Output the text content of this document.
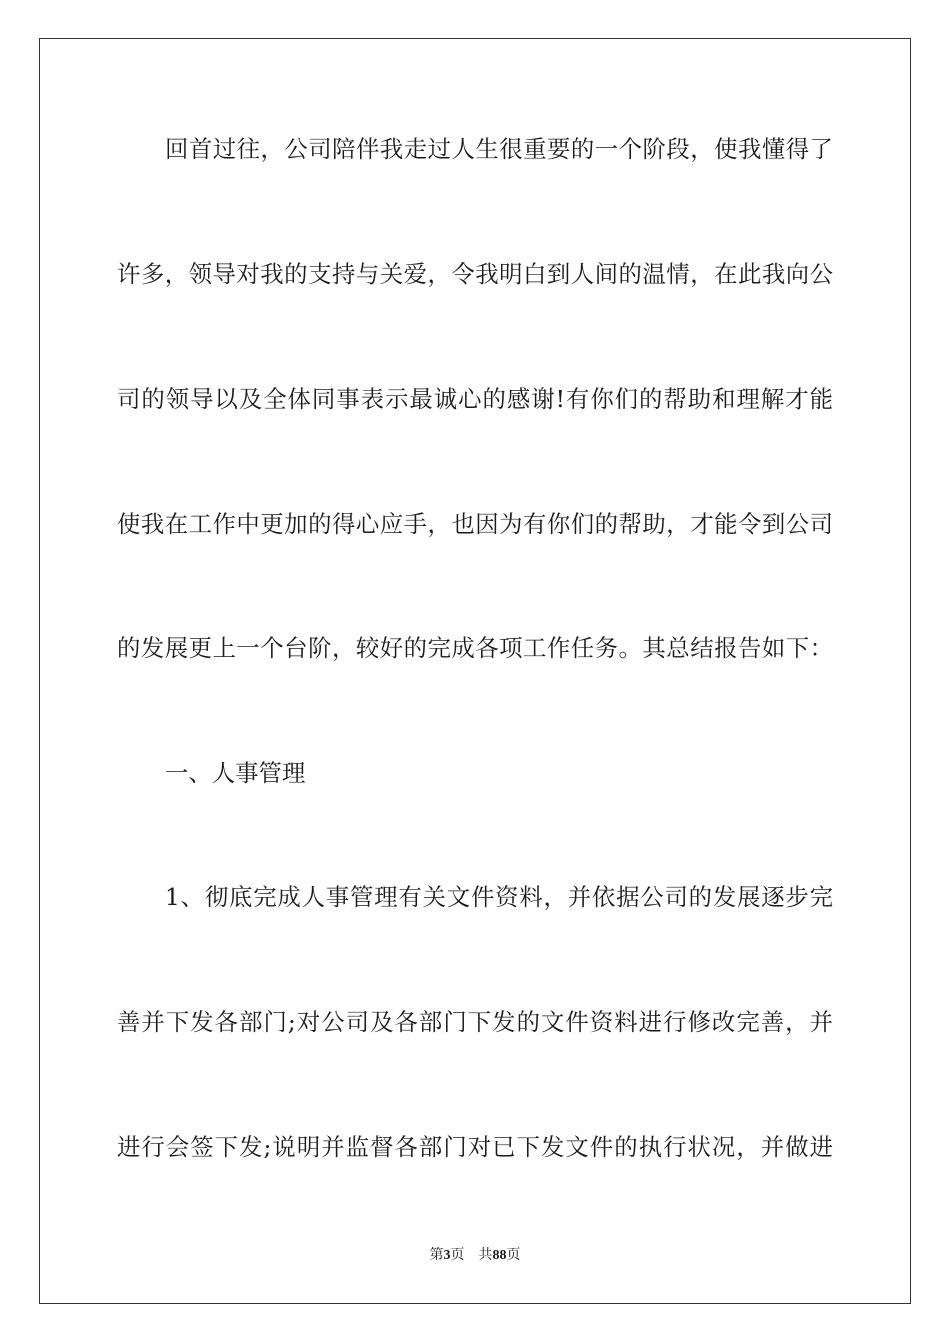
回首过往，公司陪伴我走过人生很重要的一个阶段，使我懂得了
许多，领导对我的支持与关爱，令我明白到人间的温情，在此我向公
司的领导以及全体同事表示最诚心的感谢!有你们的帮助和理解才能
使我在工作中更加的得心应手，也因为有你们的帮助，才能令到公司
的发展更上一个台阶，较好的完成各项工作任务。其总结报告如下：
一、人事管理
1、彻底完成人事管理有关文件资料，并依据公司的发展逐步完
善并下发各部门;对公司及各部门下发的文件资料进行修改完善，并
进行会签下发;说明并监督各部门对已下发文件的执行状况，并做进
第3页 共88页
